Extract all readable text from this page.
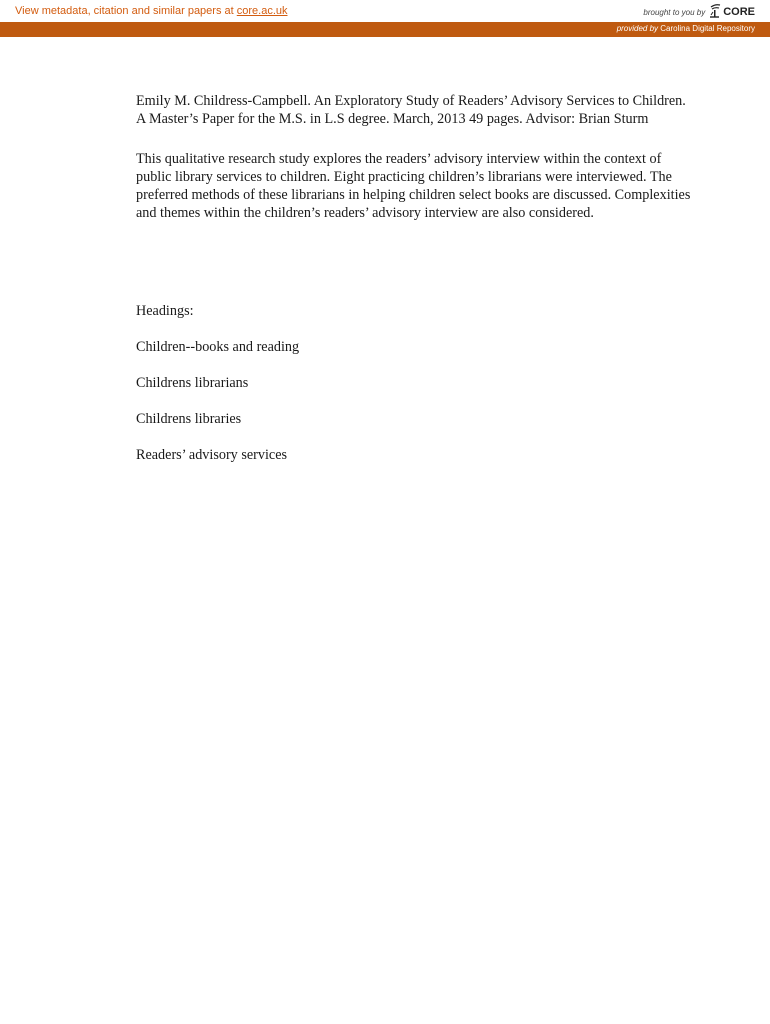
View metadata, citation and similar papers at core.ac.uk	brought to you by CORE
provided by Carolina Digital Repository

Emily M. Childress-Campbell. An Exploratory Study of Readers’ Advisory Services to Children. A Master’s Paper for the M.S. in L.S degree. March, 2013 49 pages. Advisor: Brian Sturm

This qualitative research study explores the readers’ advisory interview within the context of public library services to children. Eight practicing children’s librarians were interviewed. The preferred methods of these librarians in helping children select books are discussed. Complexities and themes within the children’s readers’ advisory interview are also considered.

Headings:

Children--books and reading

Childrens librarians

Childrens libraries

Readers’ advisory services
